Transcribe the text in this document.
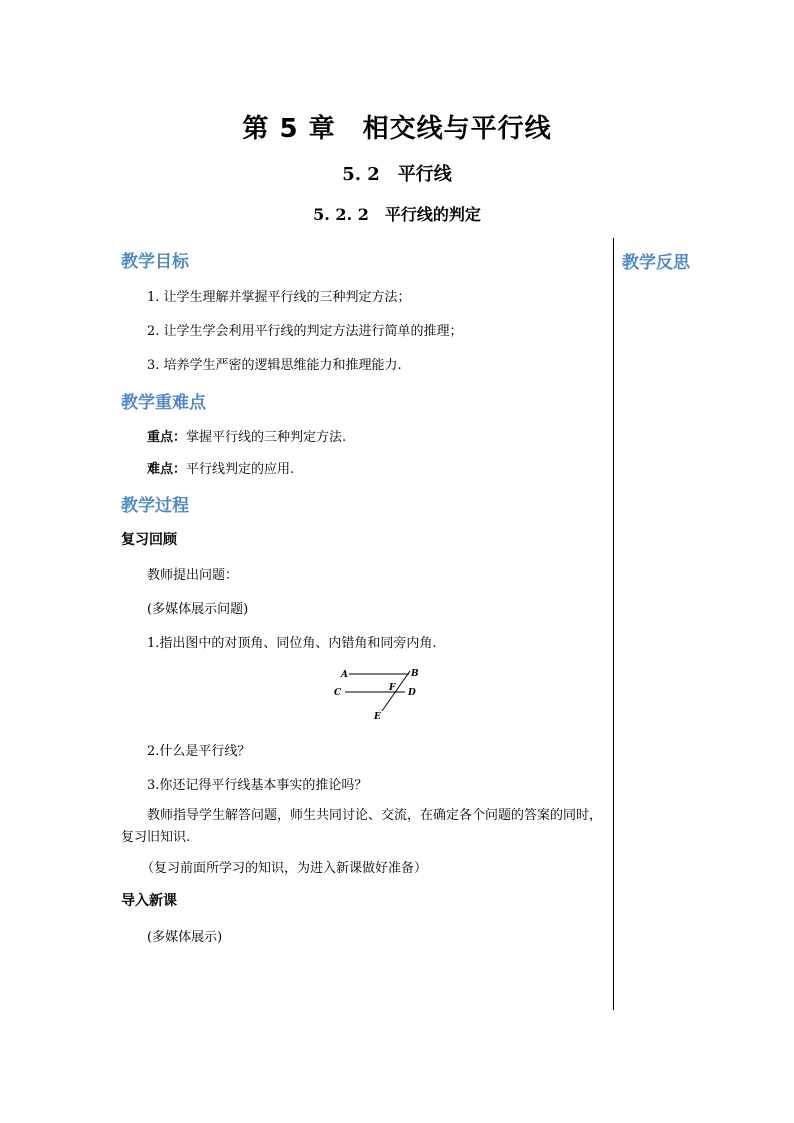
第 5 章　相交线与平行线
5. 2　平行线
5. 2. 2　平行线的判定
教学反思
教学目标
1. 让学生理解并掌握平行线的三种判定方法；
2. 让学生学会利用平行线的判定方法进行简单的推理；
3. 培养学生严密的逻辑思维能力和推理能力.
教学重难点
重点：掌握平行线的三种判定方法.
难点：平行线判定的应用.
教学过程
复习回顾
教师提出问题：
(多媒体展示问题)
1.指出图中的对顶角、同位角、内错角和同旁内角.
A	B
C	D
E
F
2.什么是平行线？
3.你还记得平行线基本事实的推论吗？
教师指导学生解答问题，师生共同讨论、交流，在确定各个问题的答案的同时，复习旧知识.
（复习前面所学习的知识，为进入新课做好准备）
导入新课
(多媒体展示)
